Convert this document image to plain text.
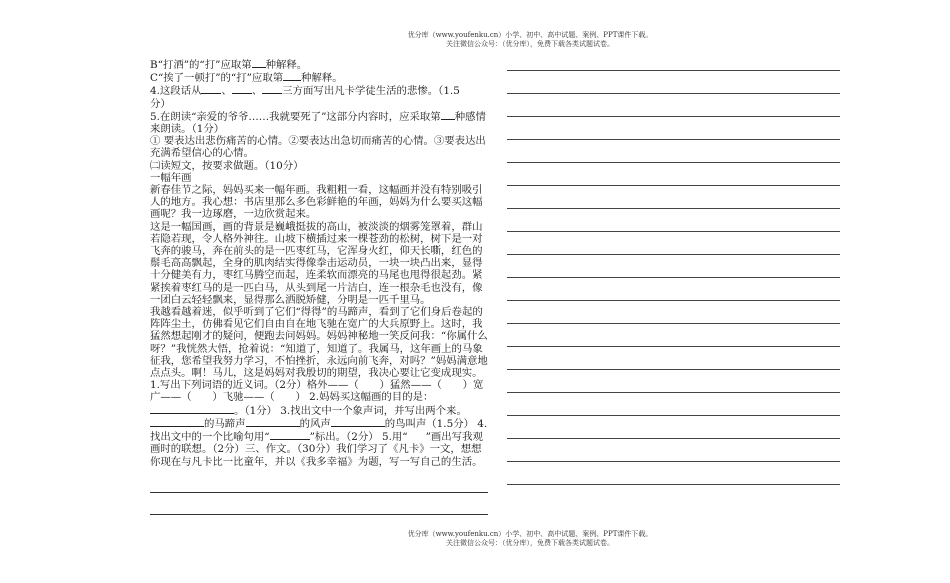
优分库（www.youfenku.cn）小学、初中、高中试题、案例、PPT课件下载。
关注微信公众号：（优分库），免费下载各类试题试卷。

B“打酒”的“打”应取第 种解释。

C“挨了一顿打”的“打”应取第 种解释。

4.这段话从 、 、 三方面写出凡卡学徒生活的悲惨。（1.5

分）

5.在朗读“亲爱的爷爷……我就要死了”这部分内容时，应采取第 种感情来朗读。（1分）

① 要表达出悲伤痛苦的心情。②要表达出急切而痛苦的心情。③要表达出充满希望信心的心情。

㈡读短文，按要求做题。（10分）

一幅年画

新春佳节之际，妈妈买来一幅年画。我粗粗一看，这幅画并没有特别吸引人的地方。我心想：书店里那么多色彩鲜艳的年画，妈妈为什么要买这幅画呢？我一边琢磨，一边欣赏起来。

这是一幅国画，画的背景是巍峨挺拔的高山，被淡淡的烟雾笼罩着，群山若隐若现，令人格外神往。山坡下横插过来一棵苍劲的松树，树下是一对飞奔的骏马，奔在前头的是一匹枣红马，它浑身火红，仰天长嘶，红色的鬃毛高高飘起，全身的肌肉结实得像拳击运动员，一块一块凸出来，显得十分健美有力，枣红马腾空而起，连柔软而漂亮的马尾也甩得很起劲。紧紧挨着枣红马的是一匹白马，从头到尾一片洁白，连一根杂毛也没有，像一团白云轻轻飘来，显得那么洒脱矫健，分明是一匹千里马。

我越看越着迷，似乎听到了它们“得得”的马蹄声，看到了它们身后卷起的阵阵尘土，仿佛看见它们自由自在地飞驰在宽广的大兵原野上。这时，我猛然想起刚才的疑问，便跑去问妈妈。妈妈神秘地一笑反问我：“你属什么呀？”我恍然大悟，抢着说：“知道了，知道了。我属马，这年画上的马象征我，您希望我努力学习，不怕挫折，永远向前飞奔，对吗？”妈妈满意地点点头。啊！马儿，这是妈妈对我殷切的期望，我决心要让它变成现实。

1.写出下列词语的近义词。（2分）格外——（　　）猛然——（　　）宽广——（　　）飞驰——（　　） 2.妈妈买这幅画的目的是：。（1分） 3.找出文中一个象声词，并写出两个来。的马蹄声	的风声	的鸟叫声（1.5分） 4.找出文中的一个比喻句用“	”标出。（2分） 5.用“ ”画出写我观画时的联想。（2分）三、作文。（30分）我们学习了《凡卡》一文，想想你现在与凡卡比一比童年，并以《我多幸福》为题，写一写自己的生活。

优分库（www.youfenku.cn）小学、初中、高中试题、案例、PPT课件下载。
关注微信公众号：（优分库），免费下载各类试题试卷。
